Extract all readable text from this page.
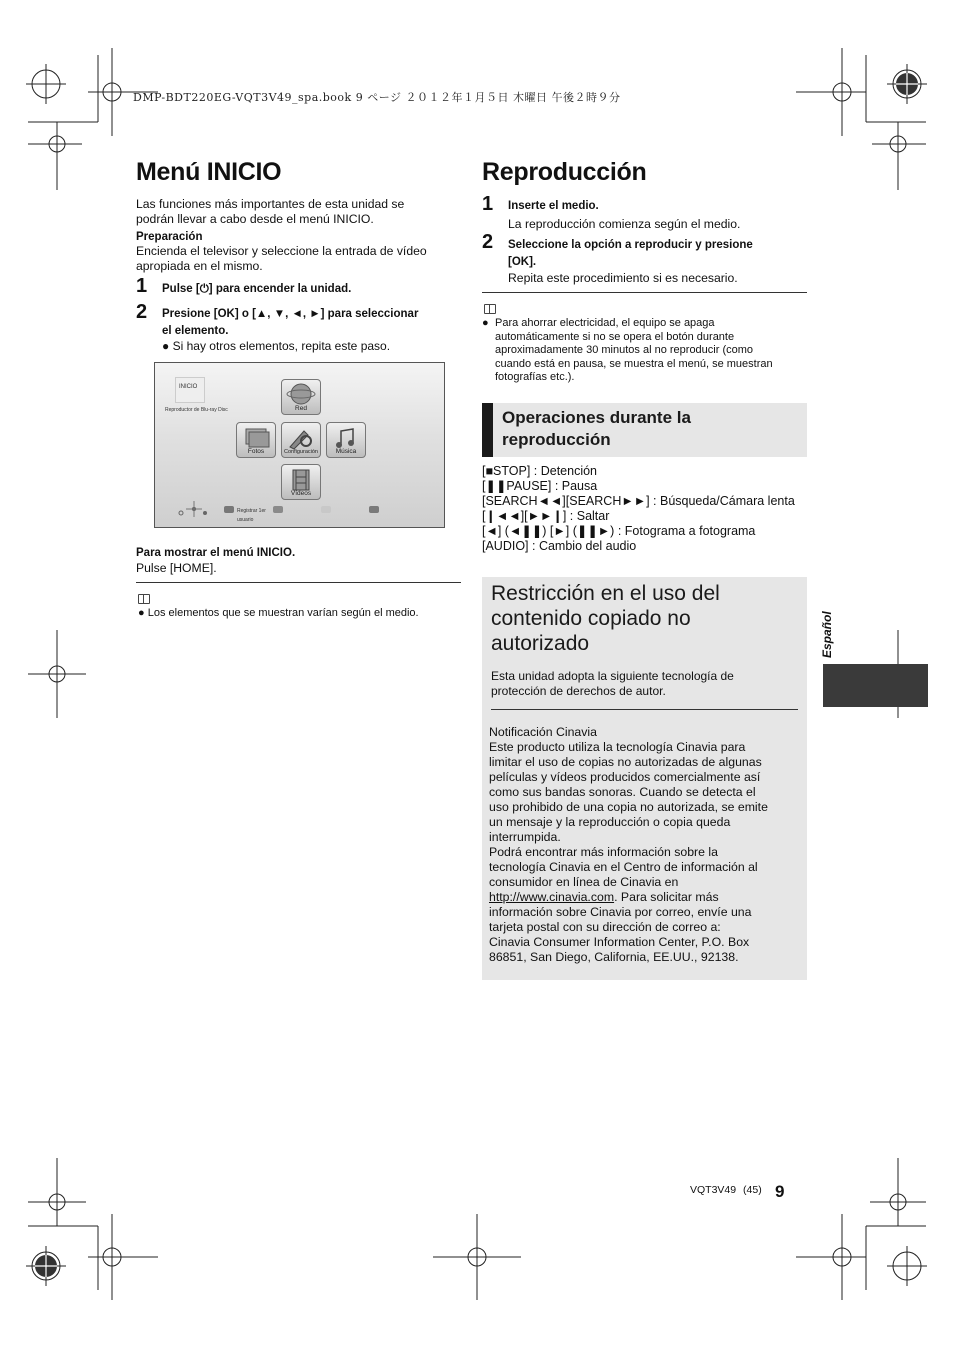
DMP-BDT220EG-VQT3V49_spa.book 9 ページ ２０１２年１月５日 木曜日 午後２時９分
Menú INICIO
Las funciones más importantes de esta unidad se
podrán llevar a cabo desde el menú INICIO.
Preparación
Encienda el televisor y seleccione la entrada de vídeo
apropiada en el mismo.
1 Pulse [⏻] para encender la unidad.
2 Presione [OK] o [▲, ▼, ◄, ►] para seleccionar
el elemento.
● Si hay otros elementos, repita este paso.
INICIO
Reproductor de Blu-ray Disc	Red
Fotos	Configuración	Música
Vídeos
Registrar 1er
usuario
Para mostrar el menú INICIO.
Pulse [HOME].
● Los elementos que se muestran varían según el medio.
Reproducción
1 Inserte el medio.
La reproducción comienza según el medio.
2 Seleccione la opción a reproducir y presione
[OK].
Repita este procedimiento si es necesario.
● Para ahorrar electricidad, el equipo se apaga
automáticamente si no se opera el botón durante
aproximadamente 30 minutos al no reproducir (como
cuando está en pausa, se muestra el menú, se muestran
fotografías etc.).
Operaciones durante la
reproducción
[■STOP] : Detención
[❚❚PAUSE] : Pausa
[SEARCH◄◄][SEARCH►►] : Búsqueda/Cámara lenta
[❙◄◄][►►❙] : Saltar
[◄] (◄❚❚) [►] (❚❚►) : Fotograma a fotograma
[AUDIO] : Cambio del audio
Restricción en el uso del
contenido copiado no
autorizado
Esta unidad adopta la siguiente tecnología de
protección de derechos de autor.
Notificación Cinavia
Este producto utiliza la tecnología Cinavia para
limitar el uso de copias no autorizadas de algunas
películas y vídeos producidos comercialmente así
como sus bandas sonoras. Cuando se detecta el
uso prohibido de una copia no autorizada, se emite
un mensaje y la reproducción o copia queda
interrumpida.
Podrá encontrar más información sobre la
tecnología Cinavia en el Centro de información al
consumidor en línea de Cinavia en
http://www.cinavia.com. Para solicitar más
información sobre Cinavia por correo, envíe una
tarjeta postal con su dirección de correo a:
Cinavia Consumer Information Center, P.O. Box
86851, San Diego, California, EE.UU., 92138.
Español
VQT3V49 (45) 9
